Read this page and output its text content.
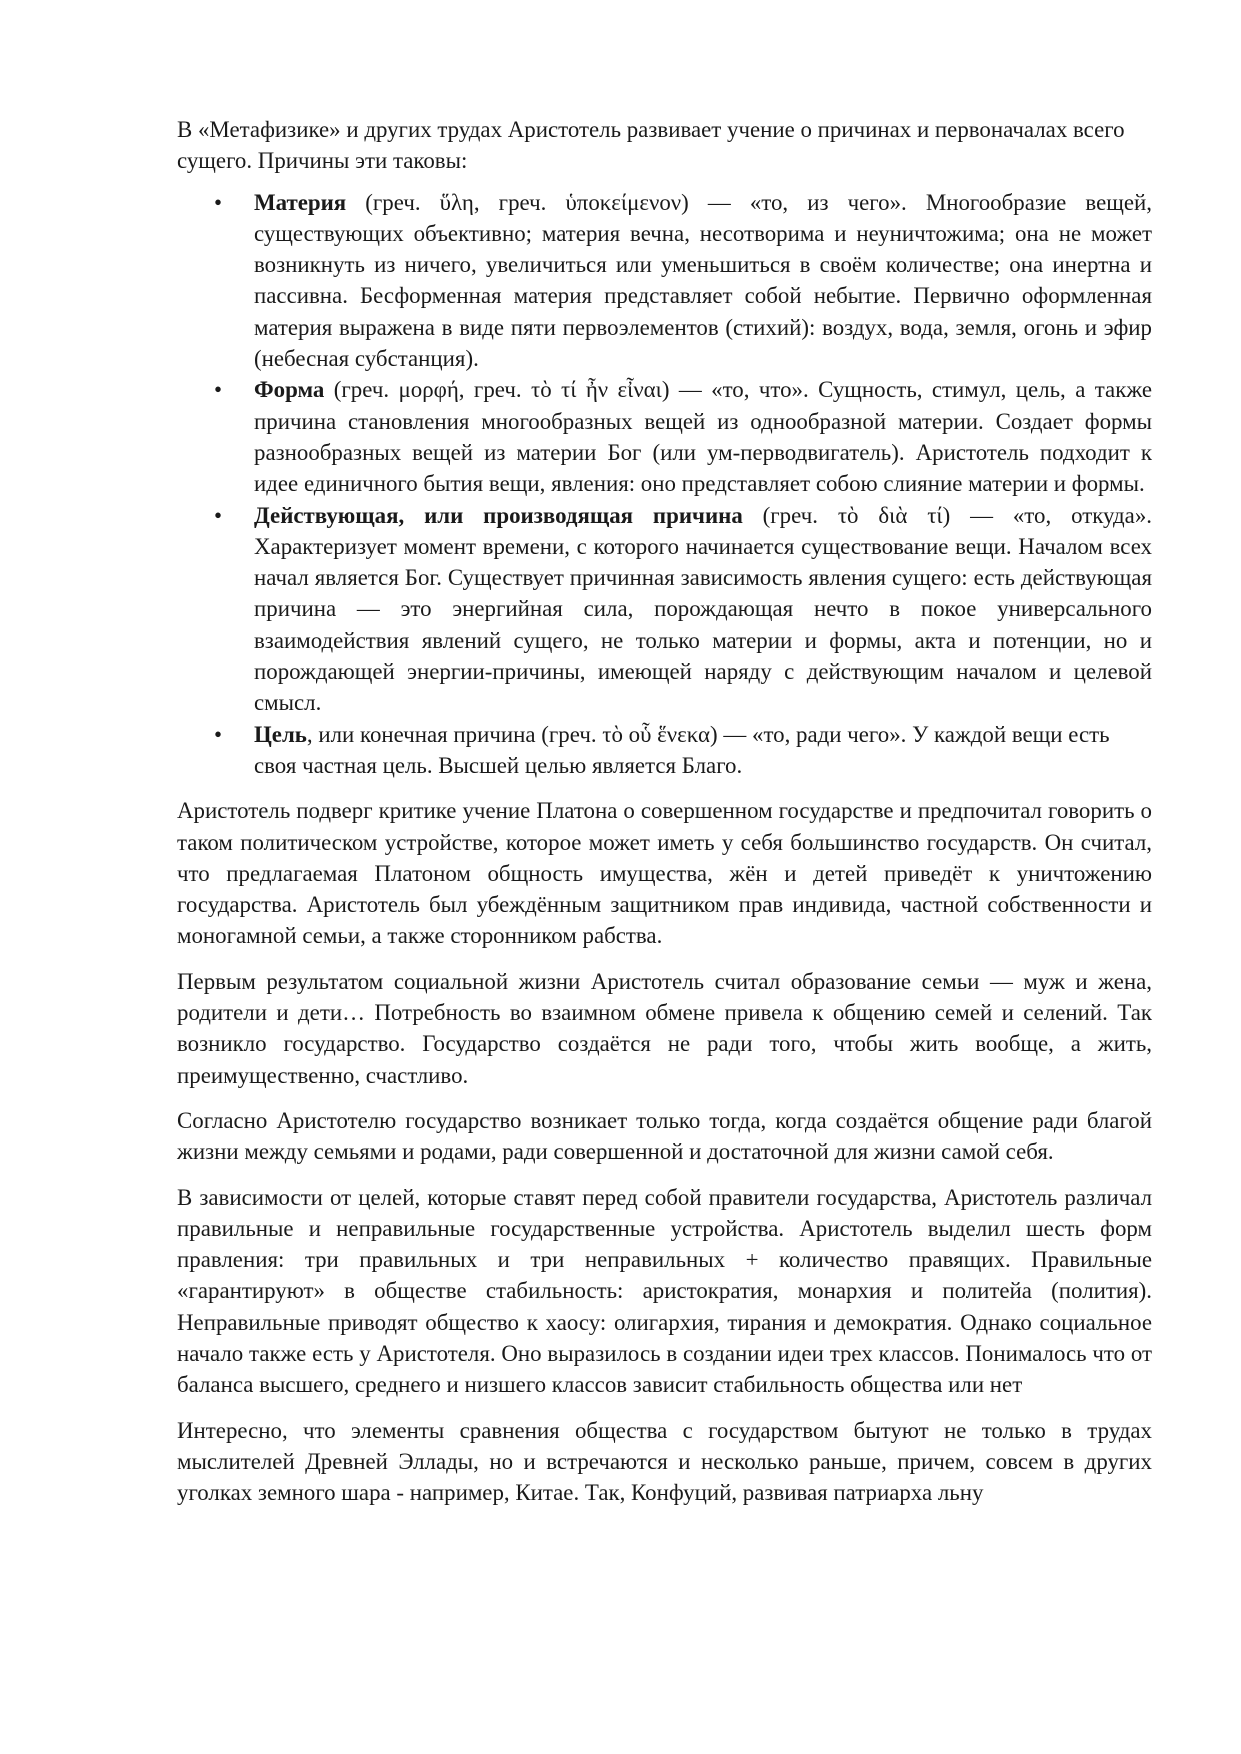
В «Метафизике» и других трудах Аристотель развивает учение о причинах и первоначалах всего сущего. Причины эти таковы:

• Материя (греч. ὕλη, греч. ὑποκείμενον) — «то, из чего». Многообразие вещей, существующих объективно; материя вечна, несотворима и неуничтожима; она не может возникнуть из ничего, увеличиться или уменьшиться в своём количестве; она инертна и пассивна. Бесформенная материя представляет собой небытие. Первично оформленная материя выражена в виде пяти первоэлементов (стихий): воздух, вода, земля, огонь и эфир (небесная субстанция).
• Форма (греч. μορφή, греч. τὸ τί ἦν εἶναι) — «то, что». Сущность, стимул, цель, а также причина становления многообразных вещей из однообразной материи. Создает формы разнообразных вещей из материи Бог (или ум-перводвигатель). Аристотель подходит к идее единичного бытия вещи, явления: оно представляет собою слияние материи и формы.
• Действующая, или производящая причина (греч. τὸ διὰ τί) — «то, откуда». Характеризует момент времени, с которого начинается существование вещи. Началом всех начал является Бог. Существует причинная зависимость явления сущего: есть действующая причина — это энергийная сила, порождающая нечто в покое универсального взаимодействия явлений сущего, не только материи и формы, акта и потенции, но и порождающей энергии-причины, имеющей наряду с действующим началом и целевой смысл.
• Цель, или конечная причина (греч. τὸ οὗ ἕνεκα) — «то, ради чего». У каждой вещи есть своя частная цель. Высшей целью является Благо.

Аристотель подверг критике учение Платона о совершенном государстве и предпочитал говорить о таком политическом устройстве, которое может иметь у себя большинство государств. Он считал, что предлагаемая Платоном общность имущества, жён и детей приведёт к уничтожению государства. Аристотель был убеждённым защитником прав индивида, частной собственности и моногамной семьи, а также сторонником рабства.

Первым результатом социальной жизни Аристотель считал образование семьи — муж и жена, родители и дети… Потребность во взаимном обмене привела к общению семей и селений. Так возникло государство. Государство создаётся не ради того, чтобы жить вообще, а жить, преимущественно, счастливо.

Согласно Аристотелю государство возникает только тогда, когда создаётся общение ради благой жизни между семьями и родами, ради совершенной и достаточной для жизни самой себя.

В зависимости от целей, которые ставят перед собой правители государства, Аристотель различал правильные и неправильные государственные устройства. Аристотель выделил шесть форм правления: три правильных и три неправильных + количество правящих. Правильные «гарантируют» в обществе стабильность: аристократия, монархия и политейа (полития). Неправильные приводят общество к хаосу: олигархия, тирания и демократия. Однако социальное начало также есть у Аристотеля. Оно выразилось в создании идеи трех классов. Понималось что от баланса высшего, среднего и низшего классов зависит стабильность общества или нет

Интересно, что элементы сравнения общества с государством бытуют не только в трудах мыслителей Древней Эллады, но и встречаются и несколько раньше, причем, совсем в других уголках земного шара - например, Китае. Так, Конфуций, развивая патриарха льну
